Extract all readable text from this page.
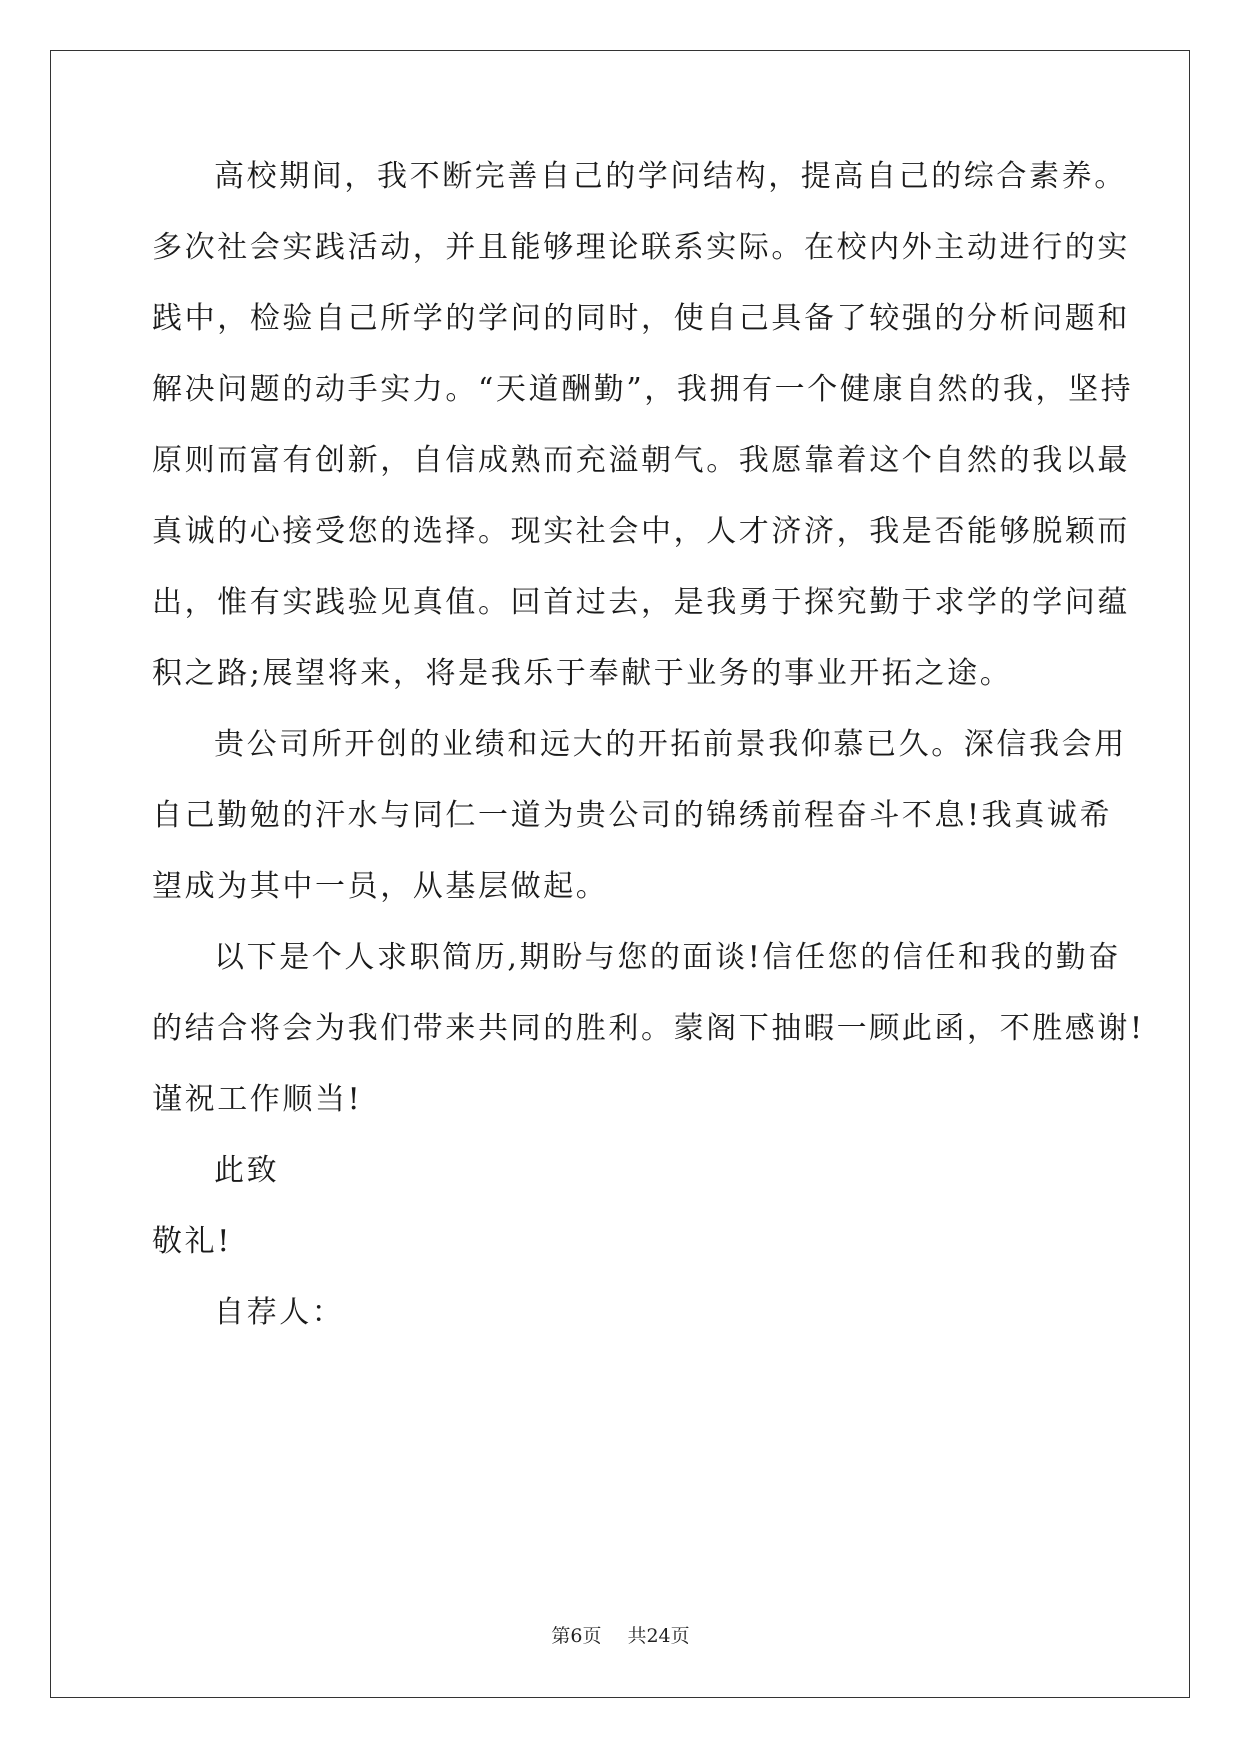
高校期间，我不断完善自己的学问结构，提高自己的综合素养。
多次社会实践活动，并且能够理论联系实际。在校内外主动进行的实
践中，检验自己所学的学问的同时，使自己具备了较强的分析问题和
解决问题的动手实力。“天道酬勤”，我拥有一个健康自然的我，坚持
原则而富有创新，自信成熟而充溢朝气。我愿靠着这个自然的我以最
真诚的心接受您的选择。现实社会中，人才济济，我是否能够脱颖而
出，惟有实践验见真值。回首过去，是我勇于探究勤于求学的学问蕴
积之路;展望将来，将是我乐于奉献于业务的事业开拓之途。
贵公司所开创的业绩和远大的开拓前景我仰慕已久。深信我会用
自己勤勉的汗水与同仁一道为贵公司的锦绣前程奋斗不息!我真诚希
望成为其中一员，从基层做起。
以下是个人求职简历,期盼与您的面谈!信任您的信任和我的勤奋
的结合将会为我们带来共同的胜利。蒙阁下抽暇一顾此函，不胜感谢!
谨祝工作顺当!
此致
敬礼!
自荐人：
第6页 共24页
